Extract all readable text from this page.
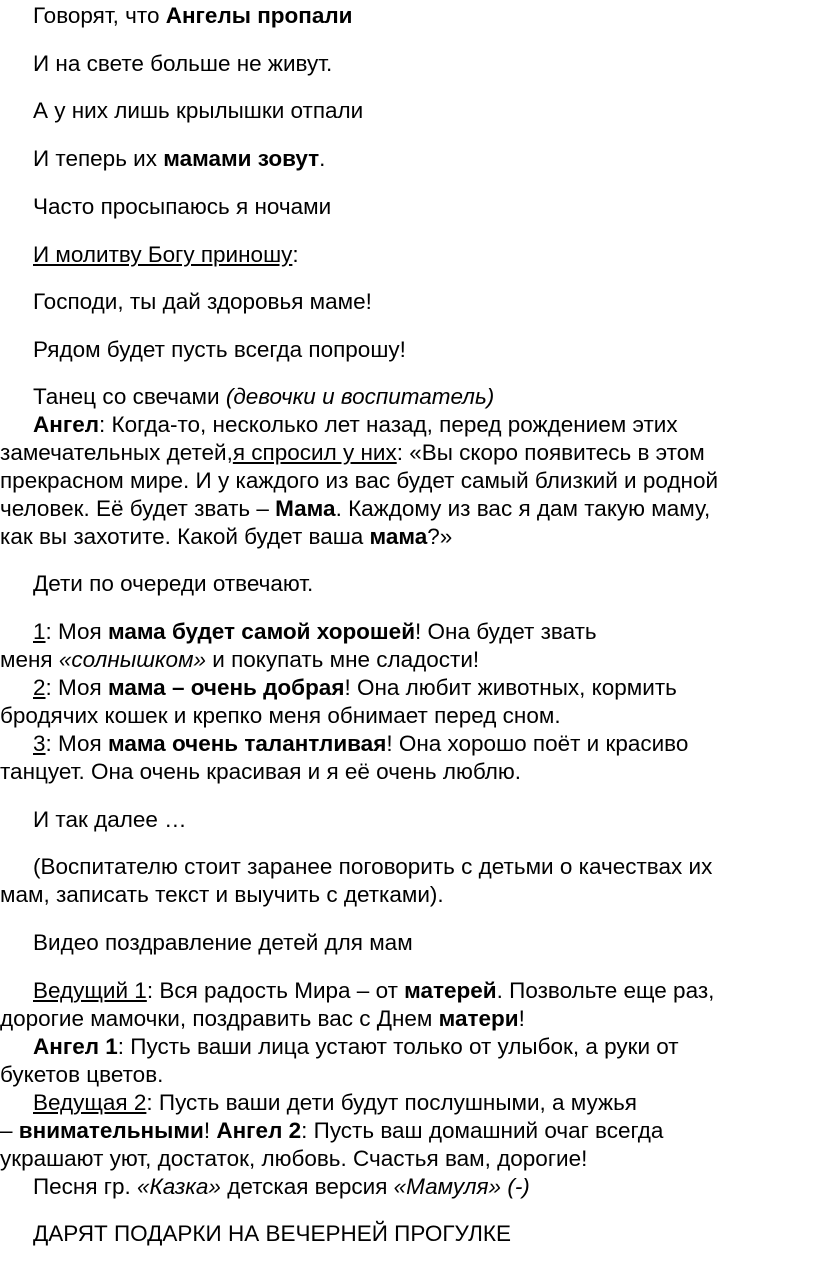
Говорят, что Ангелы пропали
И на свете больше не живут.
А у них лишь крылышки отпали
И теперь их мамами зовут.
Часто просыпаюсь я ночами
И молитву Богу приношу:
Господи, ты дай здоровья маме!
Рядом будет пусть всегда попрошу!
Танец со свечами (девочки и воспитатель)
Ангел: Когда-то, несколько лет назад, перед рождением этих
замечательных детей,я спросил у них: «Вы скоро появитесь в этом
прекрасном мире. И у каждого из вас будет самый близкий и родной
человек. Её будет звать – Мама. Каждому из вас я дам такую маму,
как вы захотите. Какой будет ваша мама?»
Дети по очереди отвечают.
1: Моя мама будет самой хорошей! Она будет звать
меня «солнышком» и покупать мне сладости!
2: Моя мама – очень добрая! Она любит животных, кормить
бродячих кошек и крепко меня обнимает перед сном.
3: Моя мама очень талантливая! Она хорошо поёт и красиво
танцует. Она очень красивая и я её очень люблю.
И так далее …
(Воспитателю стоит заранее поговорить с детьми о качествах их
мам, записать текст и выучить с детками).
Видео поздравление детей для мам
Ведущий 1: Вся радость Мира – от матерей. Позвольте еще раз,
дорогие мамочки, поздравить вас с Днем матери!
Ангел 1: Пусть ваши лица устают только от улыбок, а руки от
букетов цветов.
Ведущая 2: Пусть ваши дети будут послушными, а мужья
– внимательными! Ангел 2: Пусть ваш домашний очаг всегда
украшают уют, достаток, любовь. Счастья вам, дорогие!
Песня гр. «Казка» детская версия «Мамуля» (-)
ДАРЯТ ПОДАРКИ НА ВЕЧЕРНЕЙ ПРОГУЛКЕ
